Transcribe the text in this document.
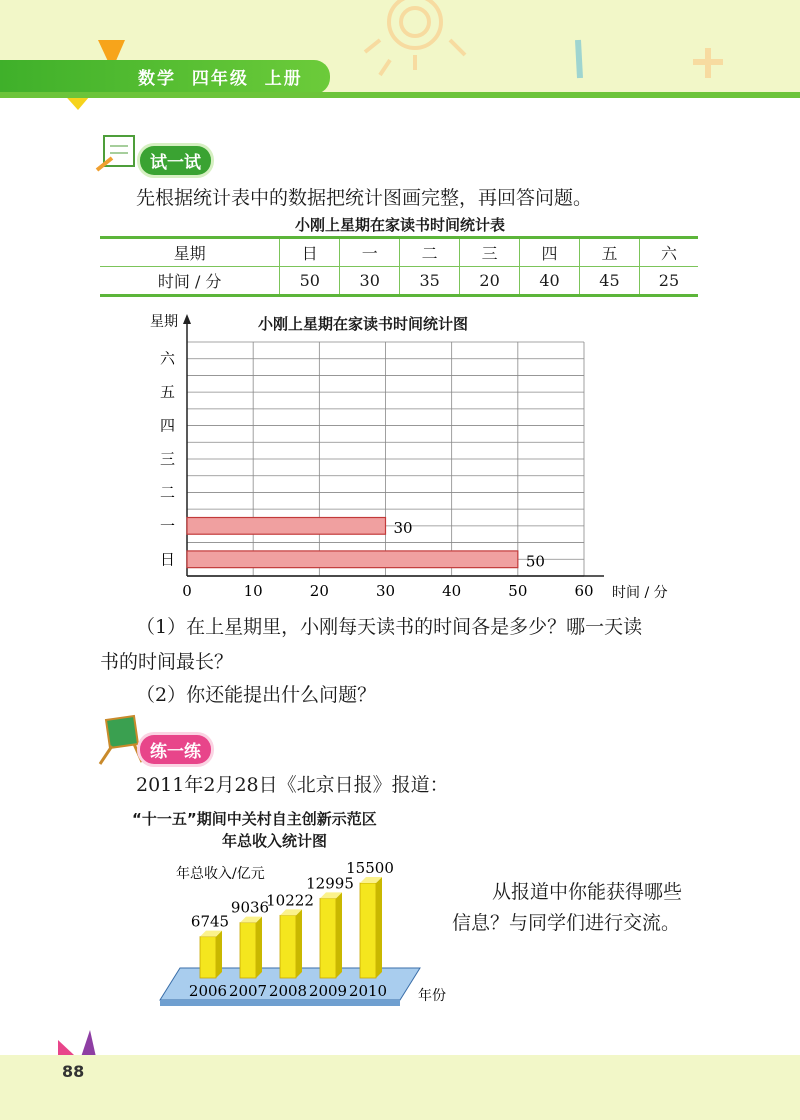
数学 四年级 上册
试一试
先根据统计表中的数据把统计图画完整，再回答问题。
小刚上星期在家读书时间统计表
星期	日	一	二	三	四	五	六
时间 / 分	50	30	35	20	40	45	25
小刚上星期在家读书时间统计图
0	10	20	30	40	50	60
日	50
一	30
二
三
四
五
六
星期
时间 / 分
（1）在上星期里，小刚每天读书的时间各是多少？哪一天读
书的时间最长？
（2）你还能提出什么问题？
练一练
2011年2月28日《北京日报》报道：
“十一五”期间中关村自主创新示范区
年总收入统计图
6745
2006
9036
2007
10222
2008
12995
2009
15500
2010
年总收入/亿元
年份
从报道中你能获得哪些
信息？与同学们进行交流。
88
